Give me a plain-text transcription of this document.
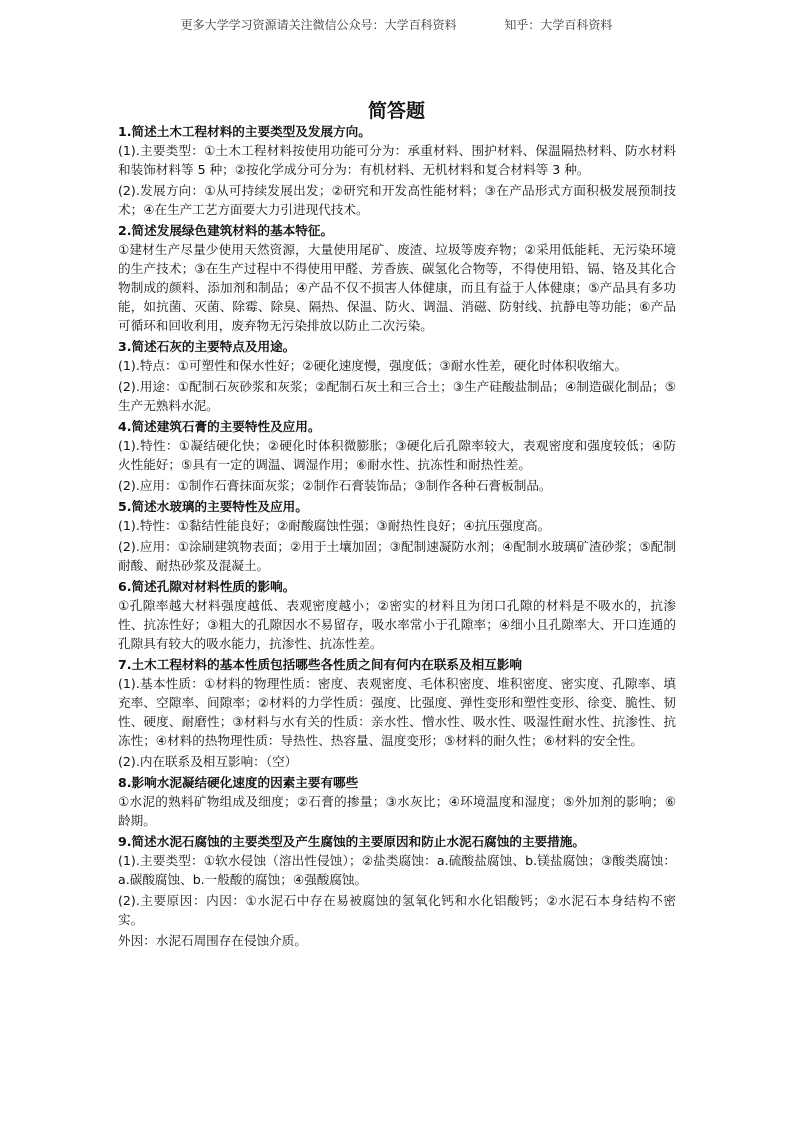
更多大学学习资源请关注微信公众号：大学百科资料	知乎：大学百科资料
简答题
1.简述土木工程材料的主要类型及发展方向。
(1).主要类型：①土木工程材料按使用功能可分为：承重材料、围护材料、保温隔热材料、防水材料和装饰材料等 5 种；②按化学成分可分为：有机材料、无机材料和复合材料等 3 种。
(2).发展方向：①从可持续发展出发；②研究和开发高性能材料；③在产品形式方面积极发展预制技术；④在生产工艺方面要大力引进现代技术。
2.简述发展绿色建筑材料的基本特征。
①建材生产尽量少使用天然资源，大量使用尾矿、废渣、垃圾等废弃物；②采用低能耗、无污染环境的生产技术；③在生产过程中不得使用甲醛、芳香族、碳氢化合物等，不得使用铅、镉、铬及其化合物制成的颜料、添加剂和制品；④产品不仅不损害人体健康，而且有益于人体健康；⑤产品具有多功能，如抗菌、灭菌、除霉、除臭、隔热、保温、防火、调温、消磁、防射线、抗静电等功能；⑥产品可循环和回收利用，废弃物无污染排放以防止二次污染。
3.简述石灰的主要特点及用途。
(1).特点：①可塑性和保水性好；②硬化速度慢，强度低；③耐水性差，硬化时体积收缩大。
(2).用途：①配制石灰砂浆和灰浆；②配制石灰土和三合土；③生产硅酸盐制品；④制造碳化制品；⑤生产无熟料水泥。
4.简述建筑石膏的主要特性及应用。
(1).特性：①凝结硬化快；②硬化时体积微膨胀；③硬化后孔隙率较大，表观密度和强度较低；④防火性能好；⑤具有一定的调温、调湿作用；⑥耐水性、抗冻性和耐热性差。
(2).应用：①制作石膏抹面灰浆；②制作石膏装饰品；③制作各种石膏板制品。
5.简述水玻璃的主要特性及应用。
(1).特性：①黏结性能良好；②耐酸腐蚀性强；③耐热性良好；④抗压强度高。
(2).应用：①涂刷建筑物表面；②用于土壤加固；③配制速凝防水剂；④配制水玻璃矿渣砂浆；⑤配制耐酸、耐热砂浆及混凝土。
6.简述孔隙对材料性质的影响。
①孔隙率越大材料强度越低、表观密度越小；②密实的材料且为闭口孔隙的材料是不吸水的，抗渗性、抗冻性好；③粗大的孔隙因水不易留存，吸水率常小于孔隙率；④细小且孔隙率大、开口连通的孔隙具有较大的吸水能力，抗渗性、抗冻性差。
7.土木工程材料的基本性质包括哪些各性质之间有何内在联系及相互影响
(1).基本性质：①材料的物理性质：密度、表观密度、毛体积密度、堆积密度、密实度、孔隙率、填充率、空隙率、间隙率；②材料的力学性质：强度、比强度、弹性变形和塑性变形、徐变、脆性、韧性、硬度、耐磨性；③材料与水有关的性质：亲水性、憎水性、吸水性、吸湿性耐水性、抗渗性、抗冻性；④材料的热物理性质：导热性、热容量、温度变形；⑤材料的耐久性；⑥材料的安全性。
(2).内在联系及相互影响：（空）
8.影响水泥凝结硬化速度的因素主要有哪些
①水泥的熟料矿物组成及细度；②石膏的掺量；③水灰比；④环境温度和湿度；⑤外加剂的影响；⑥龄期。
9.简述水泥石腐蚀的主要类型及产生腐蚀的主要原因和防止水泥石腐蚀的主要措施。
(1).主要类型：①软水侵蚀（溶出性侵蚀）；②盐类腐蚀：a.硫酸盐腐蚀、b.镁盐腐蚀；③酸类腐蚀：a.碳酸腐蚀、b.一般酸的腐蚀；④强酸腐蚀。
(2).主要原因：内因：①水泥石中存在易被腐蚀的氢氧化钙和水化铝酸钙；②水泥石本身结构不密实。
外因：水泥石周围存在侵蚀介质。
